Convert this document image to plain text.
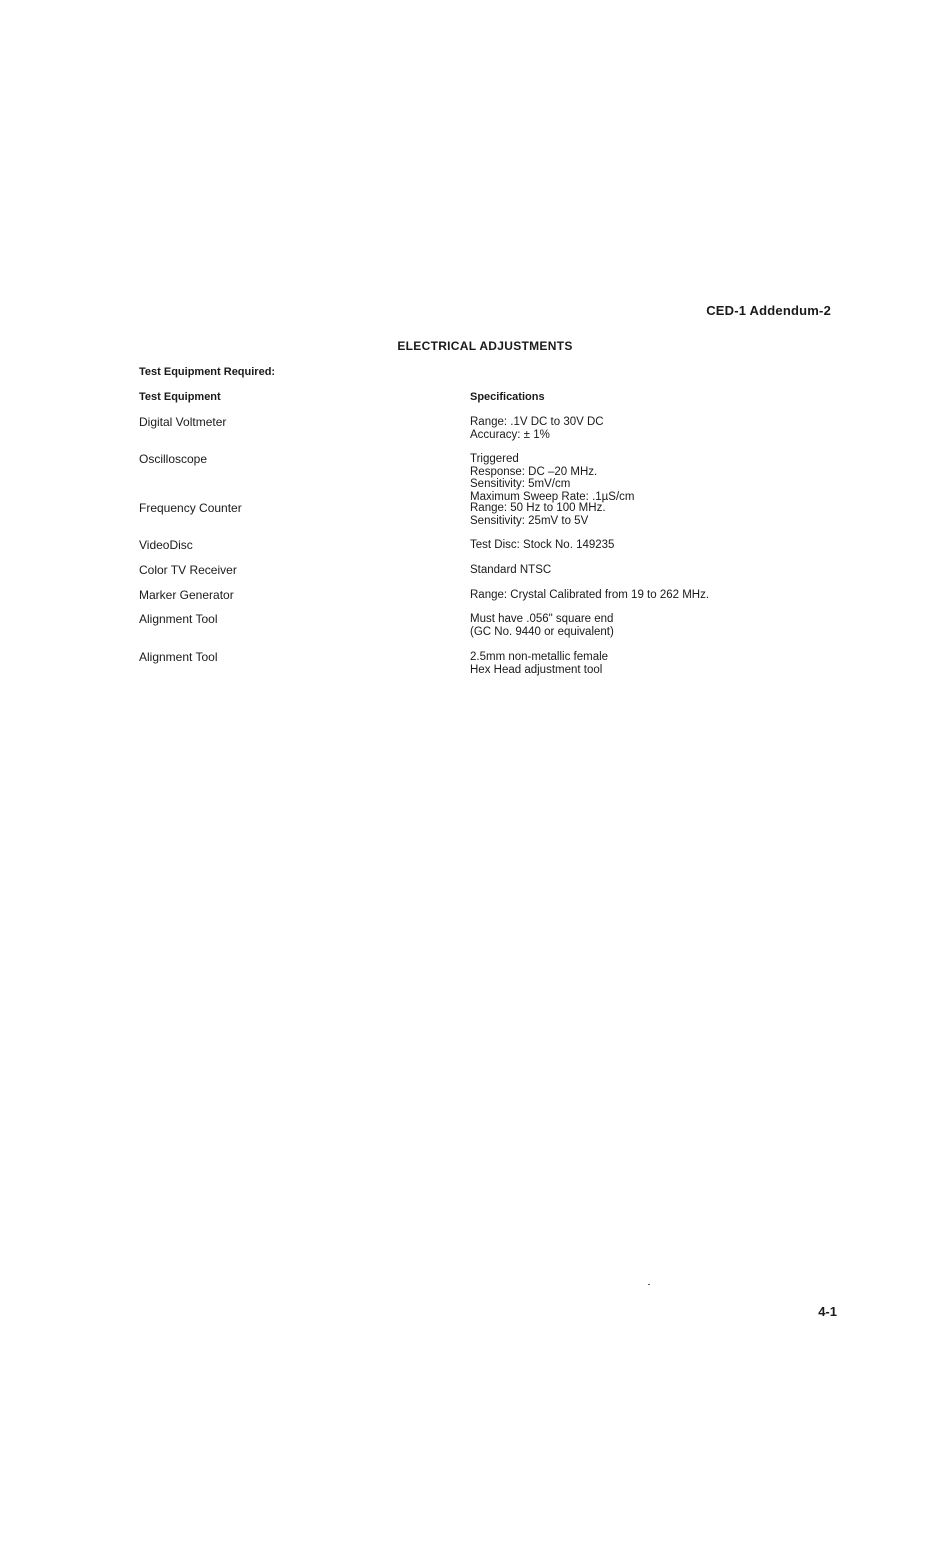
CED-1 Addendum-2
ELECTRICAL ADJUSTMENTS
Test Equipment Required:
Test Equipment	Specifications
Digital Voltmeter	Range: .1V DC to 30V DC
Accuracy: ± 1%
Oscilloscope	Triggered
Response: DC –20 MHz.
Sensitivity: 5mV/cm
Maximum Sweep Rate: .1µS/cm
Frequency Counter	Range: 50 Hz to 100 MHz.
Sensitivity: 25mV to 5V
VideoDisc	Test Disc: Stock No. 149235
Color TV Receiver	Standard NTSC
Marker Generator	Range: Crystal Calibrated from 19 to 262 MHz.
Alignment Tool	Must have .056" square end
(GC No. 9440 or equivalent)
Alignment Tool	2.5mm non-metallic female
Hex Head adjustment tool
4-1
